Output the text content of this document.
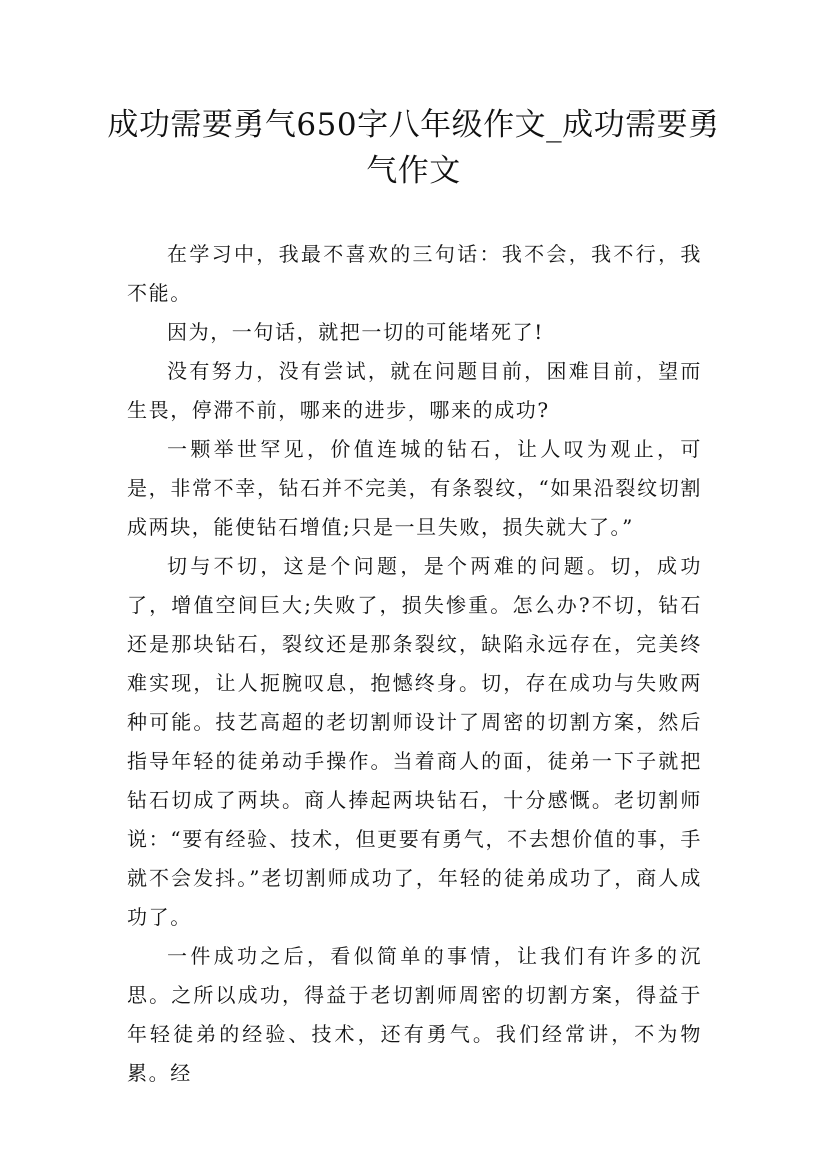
成功需要勇气650字八年级作文_成功需要勇气作文

在学习中，我最不喜欢的三句话：我不会，我不行，我不能。

因为，一句话，就把一切的可能堵死了!

没有努力，没有尝试，就在问题目前，困难目前，望而生畏，停滞不前，哪来的进步，哪来的成功?

一颗举世罕见，价值连城的钻石，让人叹为观止，可是，非常不幸，钻石并不完美，有条裂纹，“如果沿裂纹切割成两块，能使钻石增值;只是一旦失败，损失就大了。”

切与不切，这是个问题，是个两难的问题。切，成功了，增值空间巨大;失败了，损失惨重。怎么办?不切，钻石还是那块钻石，裂纹还是那条裂纹，缺陷永远存在，完美终难实现，让人扼腕叹息，抱憾终身。切，存在成功与失败两种可能。技艺高超的老切割师设计了周密的切割方案，然后指导年轻的徒弟动手操作。当着商人的面，徒弟一下子就把钻石切成了两块。商人捧起两块钻石，十分感慨。老切割师说：“要有经验、技术，但更要有勇气，不去想价值的事，手就不会发抖。”老切割师成功了，年轻的徒弟成功了，商人成功了。

一件成功之后，看似简单的事情，让我们有许多的沉思。之所以成功，得益于老切割师周密的切割方案，得益于年轻徒弟的经验、技术，还有勇气。我们经常讲，不为物累。经
